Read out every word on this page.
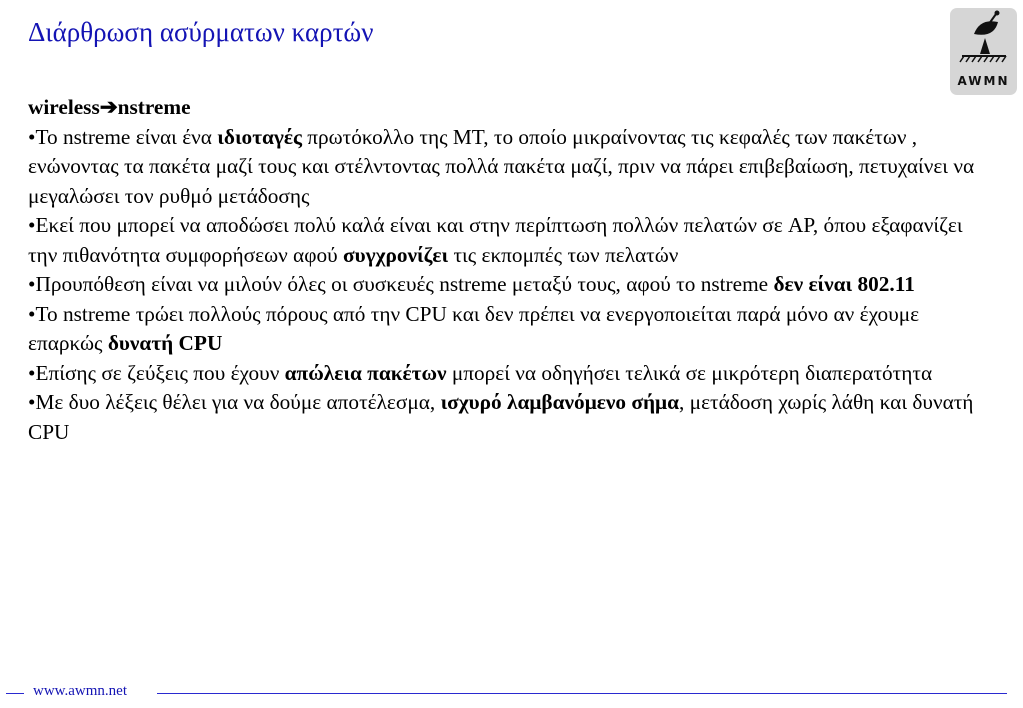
Διάρθρωση ασύρματων καρτών
AWMN
wireless➔nstreme

•Το nstreme είναι ένα ιδιοταγές πρωτόκολλο της MT, το οποίο μικραίνοντας τις κεφαλές των πακέτων , ενώνοντας τα πακέτα μαζί τους και στέλντοντας πολλά πακέτα μαζί, πριν να πάρει επιβεβαίωση, πετυχαίνει να μεγαλώσει τον ρυθμό μετάδοσης

•Εκεί που μπορεί να αποδώσει πολύ καλά είναι και στην περίπτωση πολλών πελατών σε AP, όπου εξαφανίζει την πιθανότητα συμφορήσεων αφού συγχρονίζει τις εκπομπές των πελατών

•Προυπόθεση είναι να μιλούν όλες οι συσκευές nstreme μεταξύ τους, αφού το nstreme δεν είναι 802.11

•Το nstreme τρώει πολλούς πόρους από την CPU και δεν πρέπει να ενεργοποιείται παρά μόνο αν έχουμε επαρκώς δυνατή CPU

•Επίσης σε ζεύξεις που έχουν απώλεια πακέτων μπορεί να οδηγήσει τελικά σε μικρότερη διαπερατότητα

•Με δυο λέξεις θέλει για να δούμε αποτέλεσμα, ισχυρό λαμβανόμενο σήμα, μετάδοση χωρίς λάθη και δυνατή CPU

www.awmn.net
